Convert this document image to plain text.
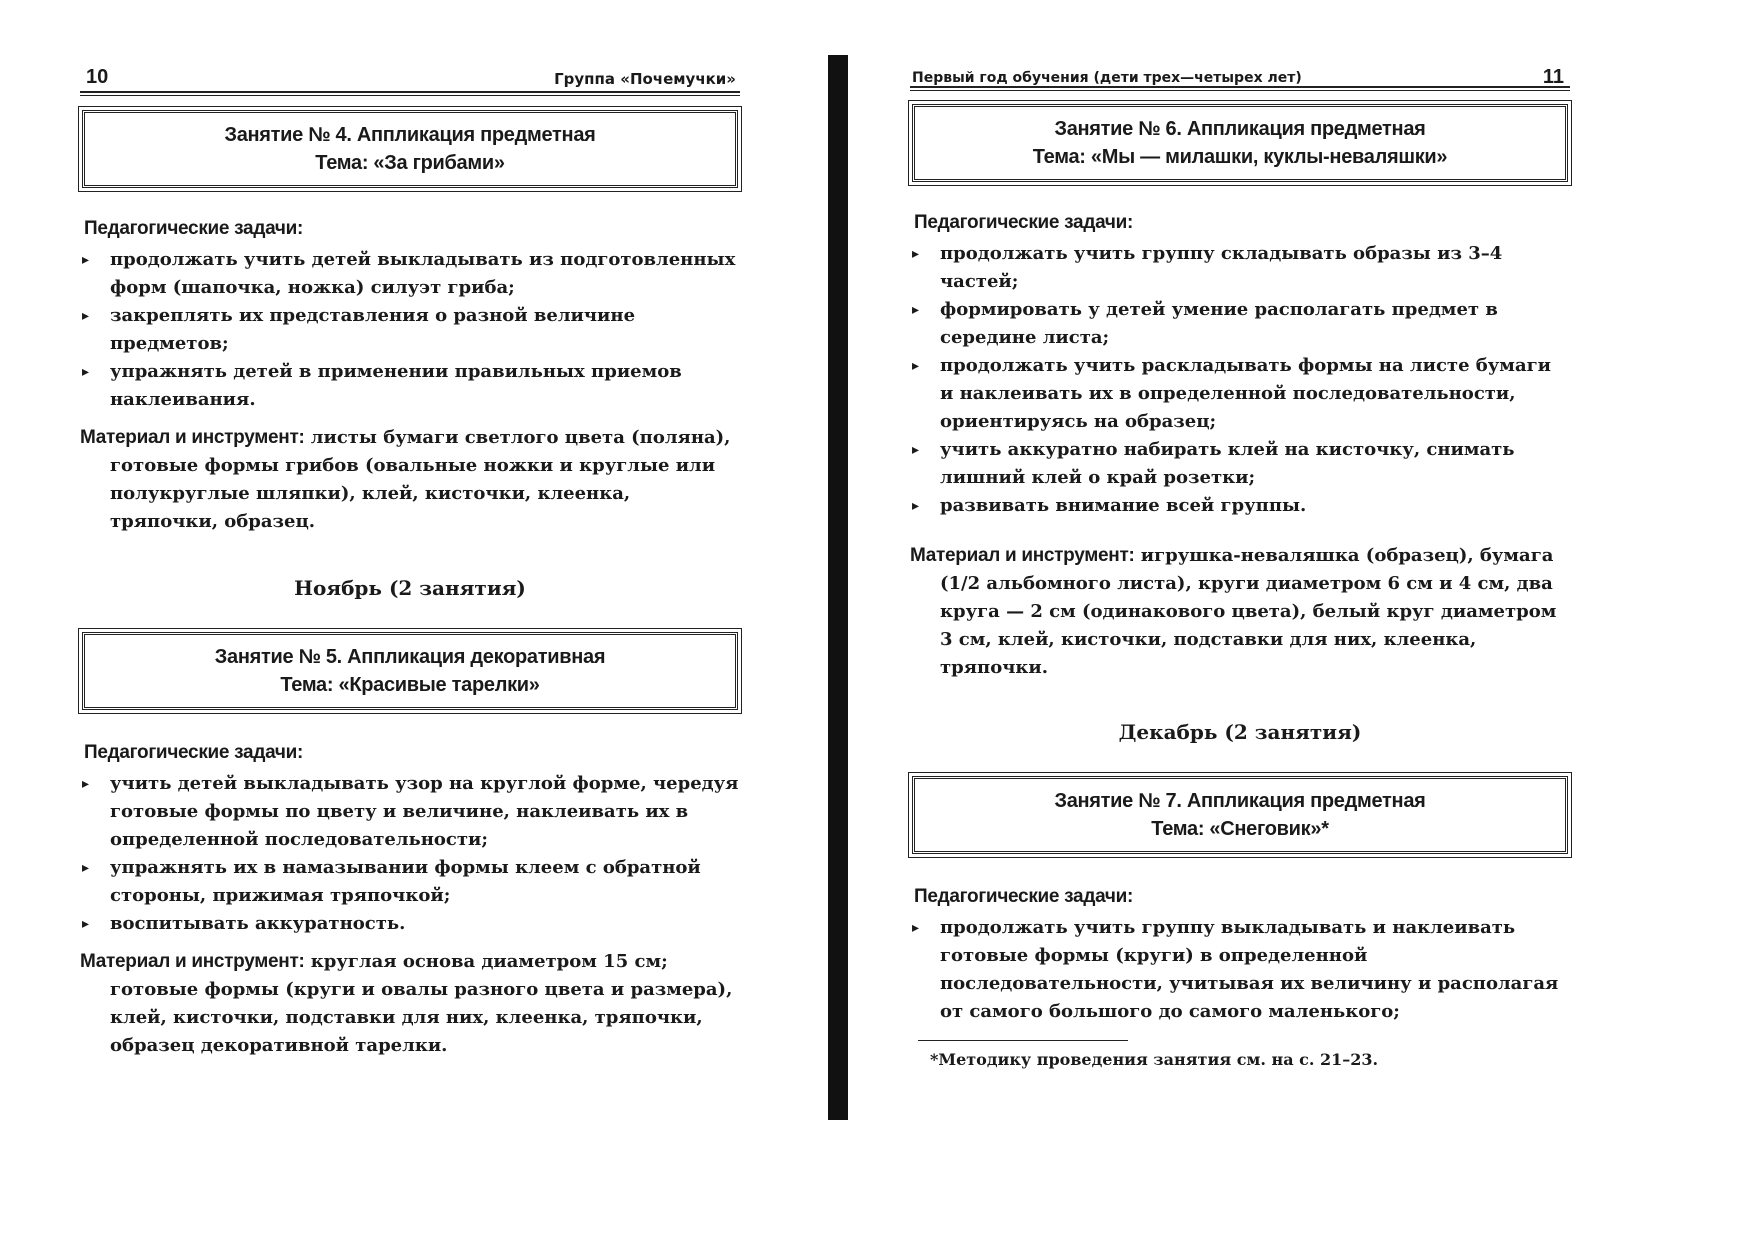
10	Группа «Почемучки»
Занятие № 4. Аппликация предметная
Тема: «За грибами»
Педагогические задачи:
▸ продолжать учить детей выкладывать из подготовленных форм (шапочка, ножка) силуэт гриба;
▸ закреплять их представления о разной величине предметов;
▸ упражнять детей в применении правильных приемов наклеивания.
Материал и инструмент: листы бумаги светлого цвета (поляна), готовые формы грибов (овальные ножки и круглые или полукруглые шляпки), клей, кисточки, клеенка, тряпочки, образец.
Ноябрь (2 занятия)
Занятие № 5. Аппликация декоративная
Тема: «Красивые тарелки»
Педагогические задачи:
▸ учить детей выкладывать узор на круглой форме, чередуя готовые формы по цвету и величине, наклеивать их в определенной последовательности;
▸ упражнять их в намазывании формы клеем с обратной стороны, прижимая тряпочкой;
▸ воспитывать аккуратность.
Материал и инструмент: круглая основа диаметром 15 см; готовые формы (круги и овалы разного цвета и размера), клей, кисточки, подставки для них, клеенка, тряпочки, образец декоративной тарелки.
Первый год обучения (дети трех—четырех лет)	11
Занятие № 6. Аппликация предметная
Тема: «Мы — милашки, куклы-неваляшки»
Педагогические задачи:
▸ продолжать учить группу складывать образы из 3–4 частей;
▸ формировать у детей умение располагать предмет в середине листа;
▸ продолжать учить раскладывать формы на листе бумаги и наклеивать их в определенной последовательности, ориентируясь на образец;
▸ учить аккуратно набирать клей на кисточку, снимать лишний клей о край розетки;
▸ развивать внимание всей группы.
Материал и инструмент: игрушка-неваляшка (образец), бумага (1/2 альбомного листа), круги диаметром 6 см и 4 см, два круга — 2 см (одинакового цвета), белый круг диаметром 3 см, клей, кисточки, подставки для них, клеенка, тряпочки.
Декабрь (2 занятия)
Занятие № 7. Аппликация предметная
Тема: «Снеговик»*
Педагогические задачи:
▸ продолжать учить группу выкладывать и наклеивать готовые формы (круги) в определенной последовательности, учитывая их величину и располагая от самого большого до самого маленького;
*Методику проведения занятия см. на с. 21–23.
